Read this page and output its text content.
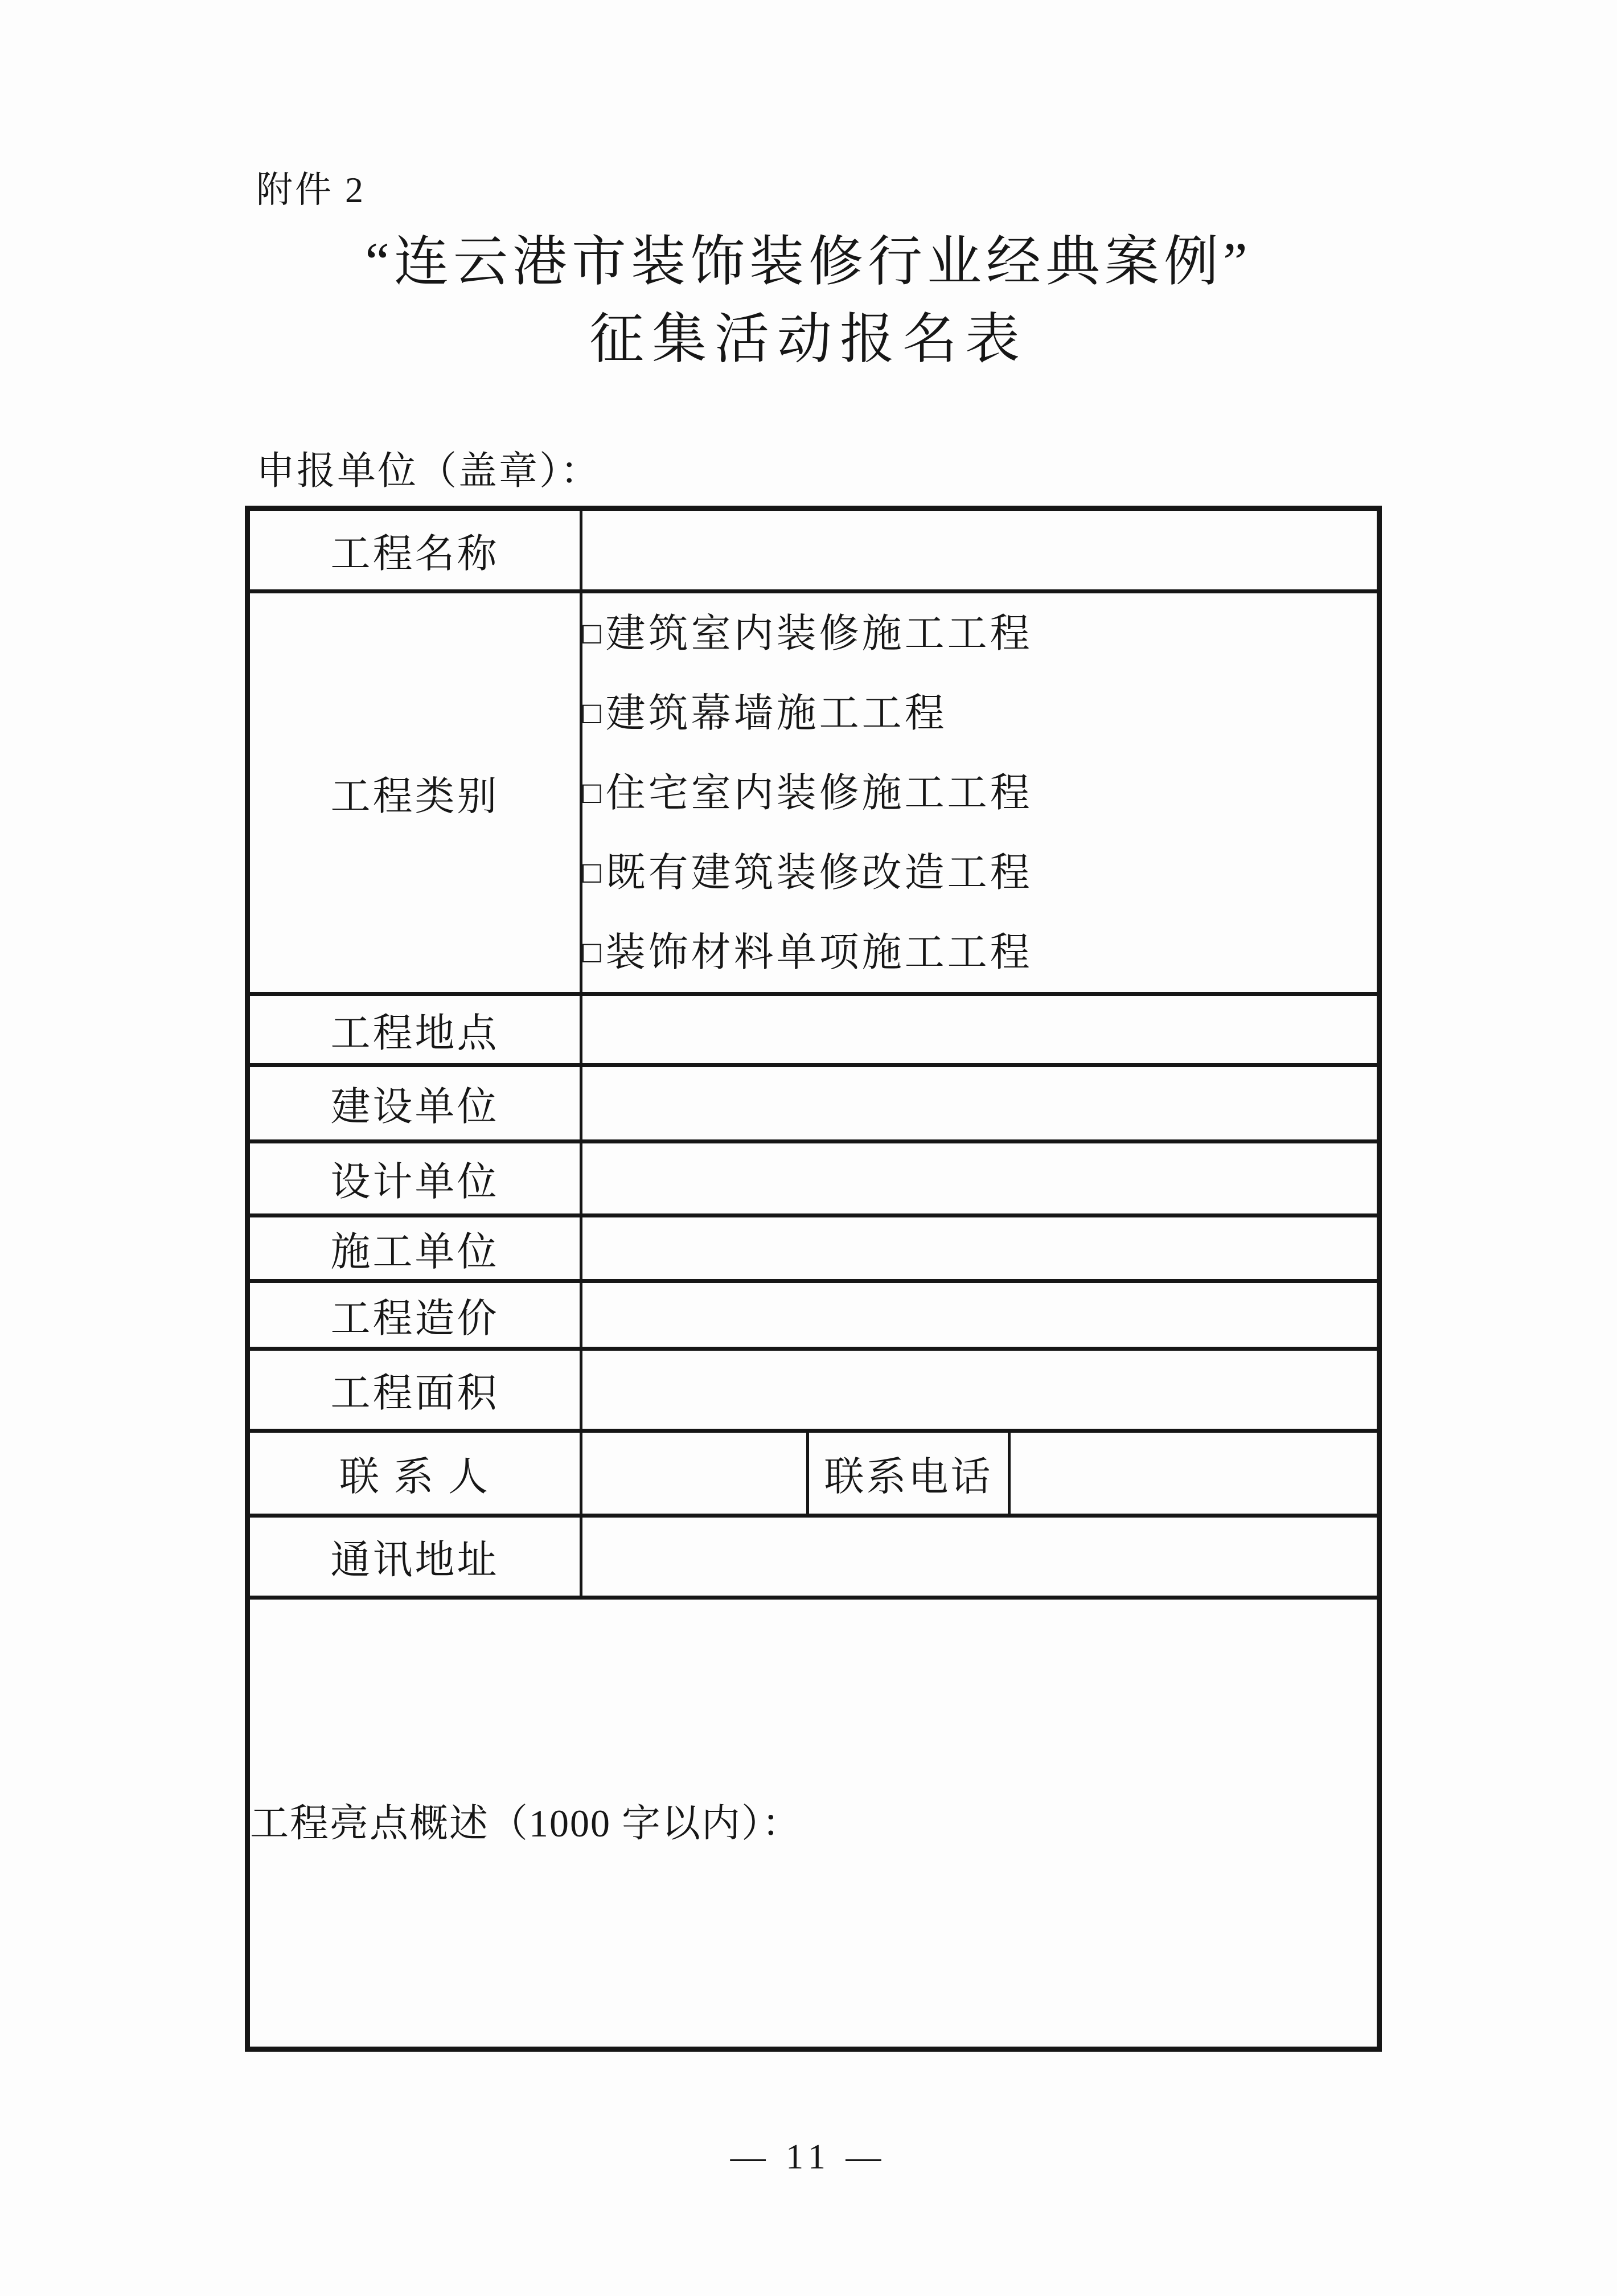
附件 2
“连云港市装饰装修行业经典案例”
征集活动报名表
申报单位（盖章）：
工程名称			
工程类别	□ 建筑室内装修施工工程
□ 建筑幕墙施工工程
□ 住宅室内装修施工工程
□ 既有建筑装修改造工程
□ 装饰材料单项施工工程		

工程地点			
建设单位			
设计单位			
施工单位			
工程造价			
工程面积			
联 系 人		联系电话	
通讯地址			

工程亮点概述（1000 字以内）：			
— 11 —
